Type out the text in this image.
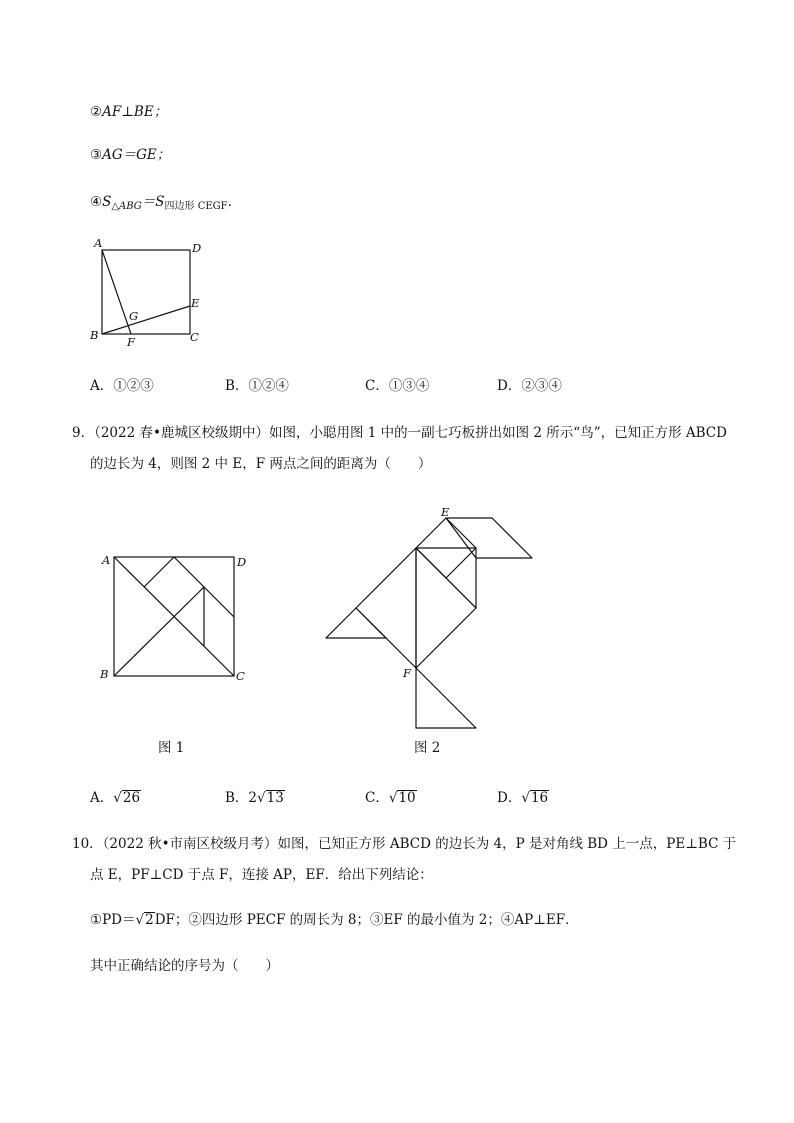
②AF⊥BE；
③AG＝GE；
$④S_{\triangle ABG}=S_{四边形 CEGF}$.
A	D
E
G
B F	C
A．①②③	B．①②④	C．①③④	D．②③④
9．（2022 春•鹿城区校级期中）如图，小聪用图 1 中的一副七巧板拼出如图 2 所示“鸟”，已知正方形 ABCD
的边长为 4，则图 2 中 E，F 两点之间的距离为（　　）
A	D
B	C
图 1
E
F
图 2
A．√26	B．2√13	C．√10	D．√16
10．（2022 秋•市南区校级月考）如图，已知正方形 ABCD 的边长为 4，P 是对角线 BD 上一点，PE⊥BC 于
点 E，PF⊥CD 于点 F，连接 AP，EF．给出下列结论：
①PD＝√2DF；②四边形 PECF 的周长为 8；③EF 的最小值为 2；④AP⊥EF．
其中正确结论的序号为（　　）
